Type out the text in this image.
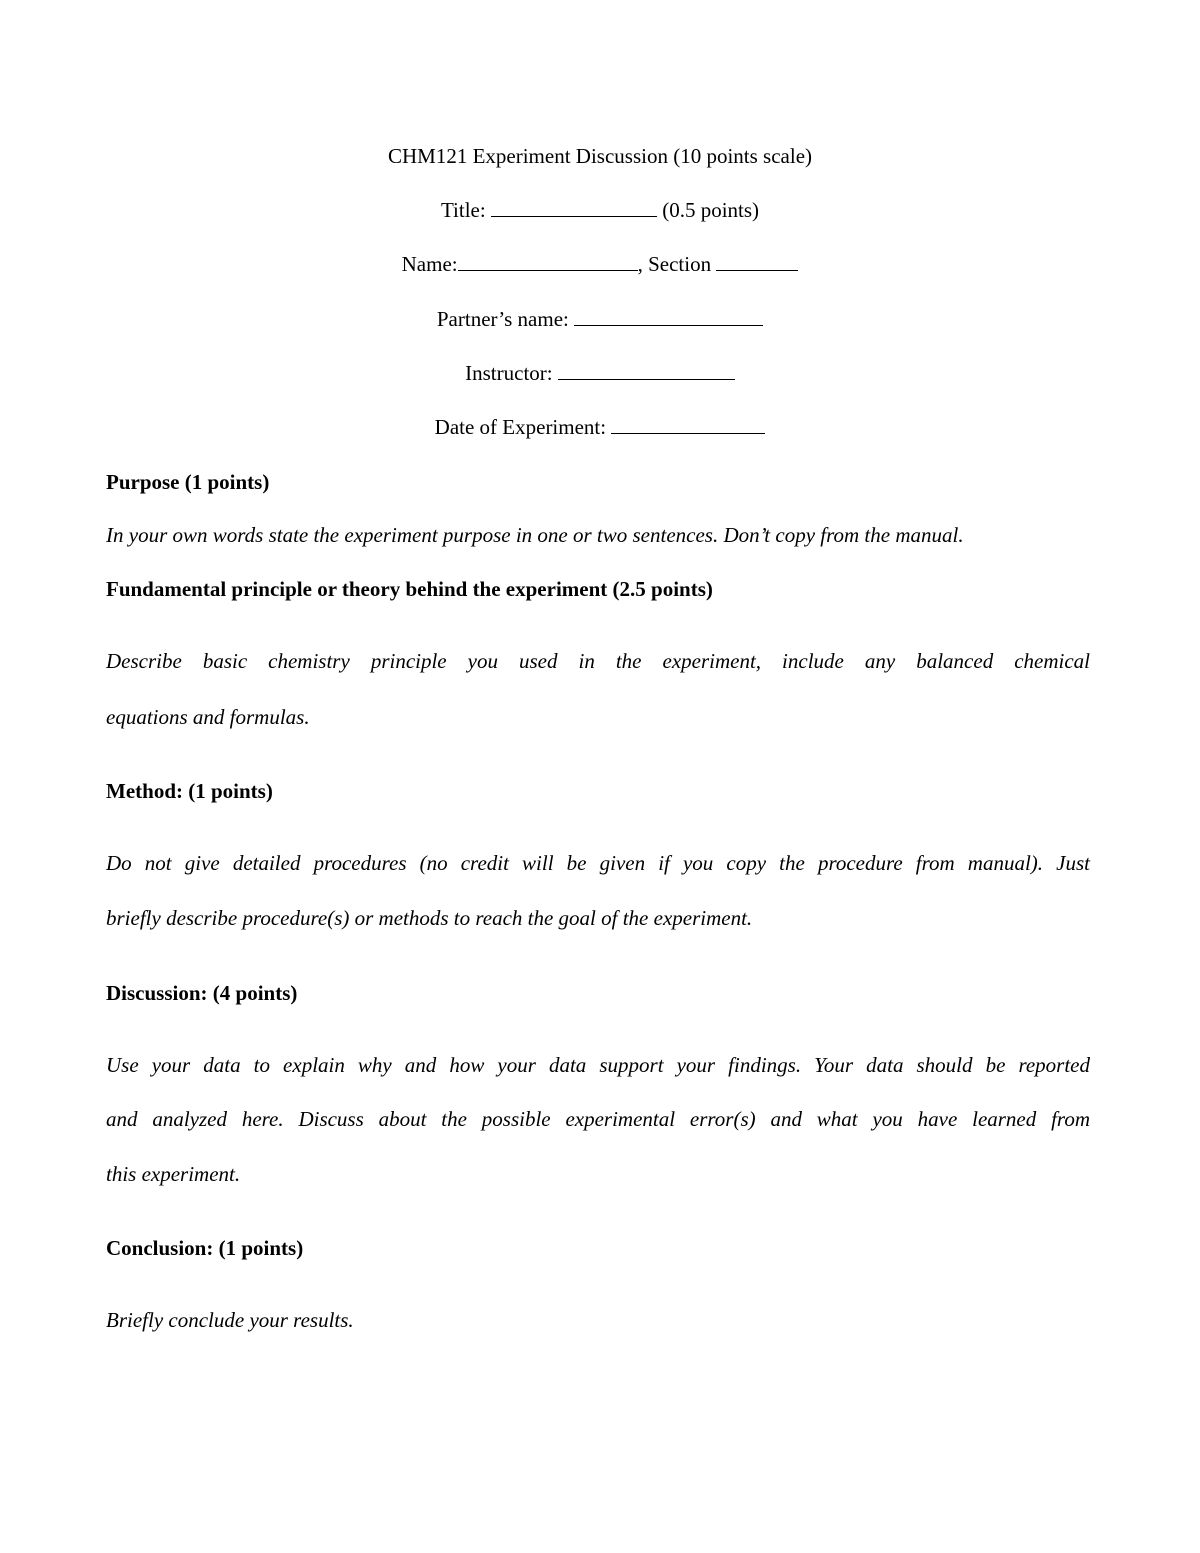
CHM121 Experiment Discussion (10 points scale)
Title:	(0.5 points)
Name:	, Section
Partner’s name:
Instructor:
Date of Experiment:
Purpose (1 points)
In your own words state the experiment purpose in one or two sentences. Don’t copy from the manual.
Fundamental principle or theory behind the experiment (2.5 points)
Describe basic chemistry principle you used in the experiment, include any balanced chemical
equations and formulas.
Method: (1 points)
Do not give detailed procedures (no credit will be given if you copy the procedure from manual). Just
briefly describe procedure(s) or methods to reach the goal of the experiment.
Discussion: (4 points)
Use your data to explain why and how your data support your findings. Your data should be reported
and analyzed here. Discuss about the possible experimental error(s) and what you have learned from
this experiment.
Conclusion: (1 points)
Briefly conclude your results.
